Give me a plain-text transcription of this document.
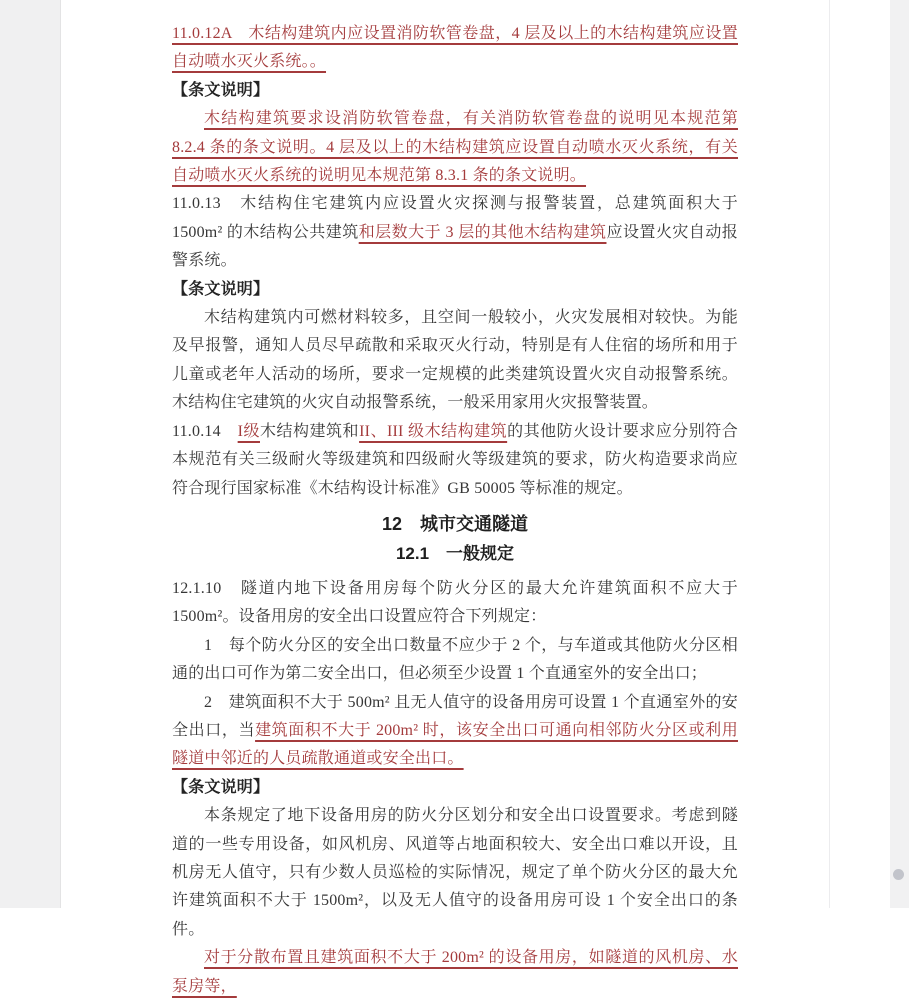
11.0.12A　木结构建筑内应设置消防软管卷盘，4 层及以上的木结构建筑应设置自动喷水灭火系统。。

【条文说明】

木结构建筑要求设消防软管卷盘，有关消防软管卷盘的说明见本规范第 8.2.4 条的条文说明。4 层及以上的木结构建筑应设置自动喷水灭火系统，有关自动喷水灭火系统的说明见本规范第 8.3.1 条的条文说明。

11.0.13　木结构住宅建筑内应设置火灾探测与报警装置，总建筑面积大于 1500m² 的木结构公共建筑和层数大于 3 层的其他木结构建筑应设置火灾自动报警系统。

【条文说明】

木结构建筑内可燃材料较多，且空间一般较小，火灾发展相对较快。为能及早报警，通知人员尽早疏散和采取灭火行动，特别是有人住宿的场所和用于儿童或老年人活动的场所，要求一定规模的此类建筑设置火灾自动报警系统。木结构住宅建筑的火灾自动报警系统，一般采用家用火灾报警装置。

11.0.14　I级木结构建筑和II、III 级木结构建筑的其他防火设计要求应分别符合本规范有关三级耐火等级建筑和四级耐火等级建筑的要求，防火构造要求尚应符合现行国家标准《木结构设计标准》GB 50005 等标准的规定。

12　城市交通隧道
12.1　一般规定

12.1.10　隧道内地下设备用房每个防火分区的最大允许建筑面积不应大于 1500m²。设备用房的安全出口设置应符合下列规定：

1　每个防火分区的安全出口数量不应少于 2 个，与车道或其他防火分区相通的出口可作为第二安全出口，但必须至少设置 1 个直通室外的安全出口；

2　建筑面积不大于 500m² 且无人值守的设备用房可设置 1 个直通室外的安全出口，当建筑面积不大于 200m² 时，该安全出口可通向相邻防火分区或利用隧道中邻近的人员疏散通道或安全出口。

【条文说明】

本条规定了地下设备用房的防火分区划分和安全出口设置要求。考虑到隧道的一些专用设备，如风机房、风道等占地面积较大、安全出口难以开设，且机房无人值守，只有少数人员巡检的实际情况，规定了单个防火分区的最大允许建筑面积不大于 1500m²，以及无人值守的设备用房可设 1 个安全出口的条件。

对于分散布置且建筑面积不大于 200m² 的设备用房，如隧道的风机房、水泵房等，
